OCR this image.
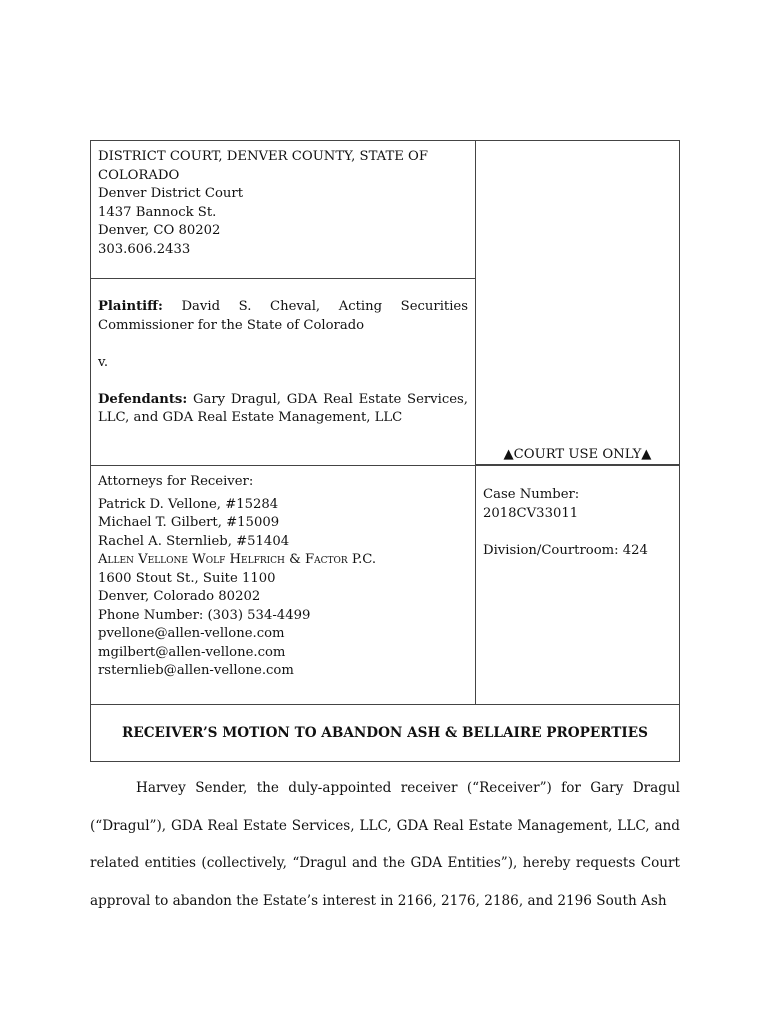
DISTRICT COURT, DENVER COUNTY, STATE OF COLORADO
Denver District Court
1437 Bannock St.
Denver, CO 80202
303.606.2433

Plaintiff: David S. Cheval, Acting Securities Commissioner for the State of Colorado

v.

Defendants: Gary Dragul, GDA Real Estate Services, LLC, and GDA Real Estate Management, LLC

▲COURT USE ONLY▲
Attorneys for Receiver:
Patrick D. Vellone, #15284
Michael T. Gilbert, #15009
Rachel A. Sternlieb, #51404
Allen Vellone Wolf Helfrich & Factor P.C.
1600 Stout St., Suite 1100
Denver, Colorado 80202
Phone Number: (303) 534-4499
pvellone@allen-vellone.com
mgilbert@allen-vellone.com
rsternlieb@allen-vellone.com
Case Number:
2018CV33011
Division/Courtroom: 424
RECEIVER’S MOTION TO ABANDON ASH & BELLAIRE PROPERTIES

Harvey Sender, the duly-appointed receiver (“Receiver”) for Gary Dragul (“Dragul”), GDA Real Estate Services, LLC, GDA Real Estate Management, LLC, and related entities (collectively, “Dragul and the GDA Entities”), hereby requests Court approval to abandon the Estate’s interest in 2166, 2176, 2186, and 2196 South Ash
